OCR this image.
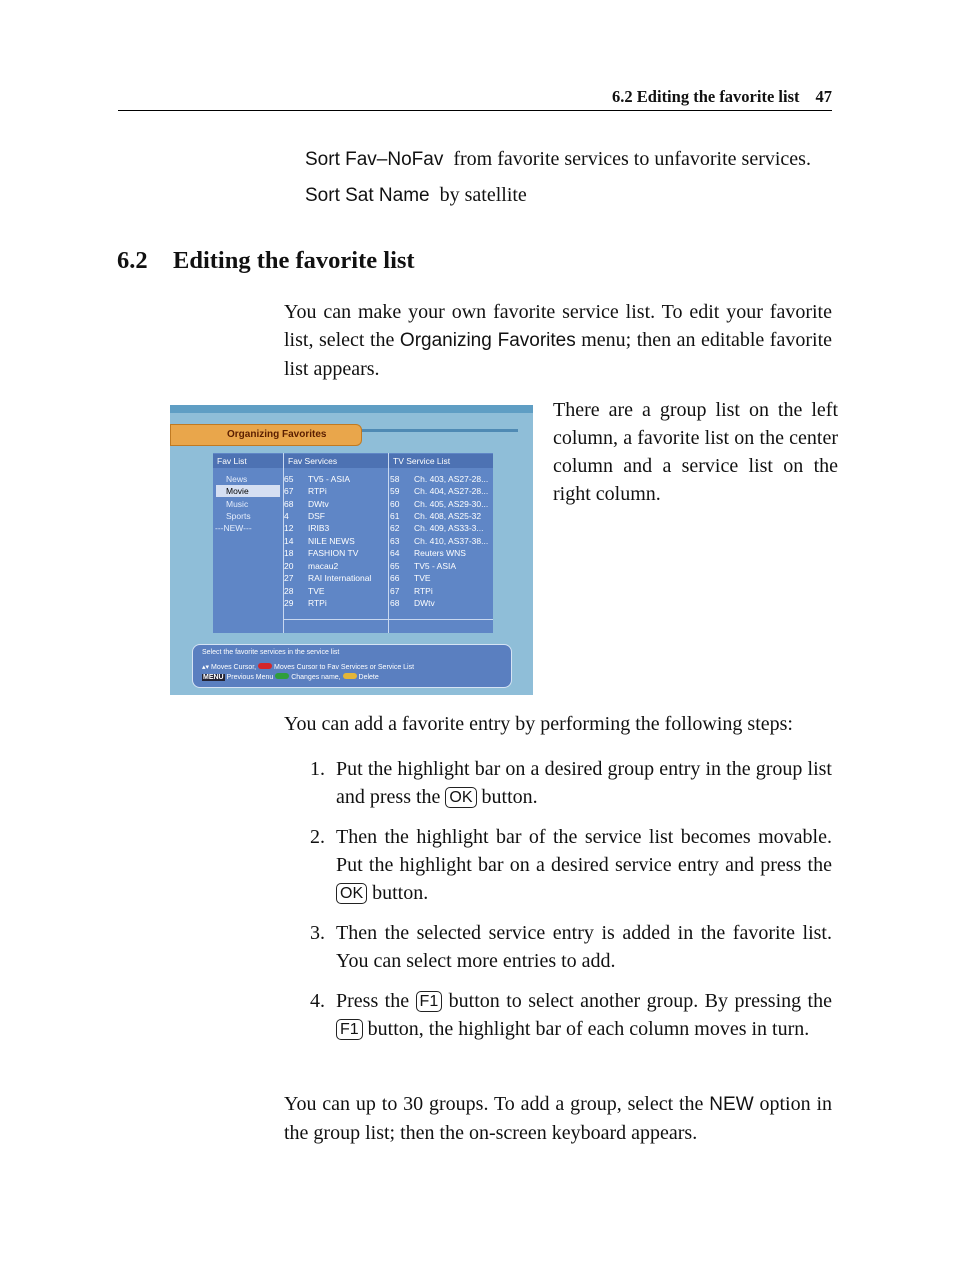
6.2 Editing the favorite list 47
Sort Fav–NoFav from favorite services to unfavorite services.
Sort Sat Name by satellite
6.2 Editing the favorite list
You can make your own favorite service list. To edit your favorite list, select the Organizing Favorites menu; then an editable favorite list appears.
Organizing Favorites
Fav List	Fav Services	TV Service List
News
Movie
Music
Sports
---NEW---
65 TV5 - ASIA
67 RTPi
68 DWtv
4 DSF
12 IRIB3
14 NILE NEWS
18 FASHION TV
20 macau2
27 RAI International
28 TVE
29 RTPi
58 Ch. 403, AS27-28...
59 Ch. 404, AS27-28...
60 Ch. 405, AS29-30...
61 Ch. 408, AS25-32
62 Ch. 409, AS33-3...
63 Ch. 410, AS37-38...
64 Reuters WNS
65 TV5 - ASIA
66 TVE
67 RTPi
68 DWtv
Select the favorite services in the service list
▴▾ Moves Cursor,	Moves Cursor to Fav Services or Service List
MENU Previous Menu	Changes name,	Delete
There are a group list on the left column, a favorite list on the center column and a service list on the right column.
You can add a favorite entry by performing the following steps:
1. Put the highlight bar on a desired group entry in the group list and press the OK button.
2. Then the highlight bar of the service list becomes movable. Put the highlight bar on a desired service entry and press the OK button.
3. Then the selected service entry is added in the favorite list. You can select more entries to add.
4. Press the F1 button to select another group. By pressing the F1 button, the highlight bar of each column moves in turn.
You can up to 30 groups. To add a group, select the NEW option in the group list; then the on-screen keyboard appears.
